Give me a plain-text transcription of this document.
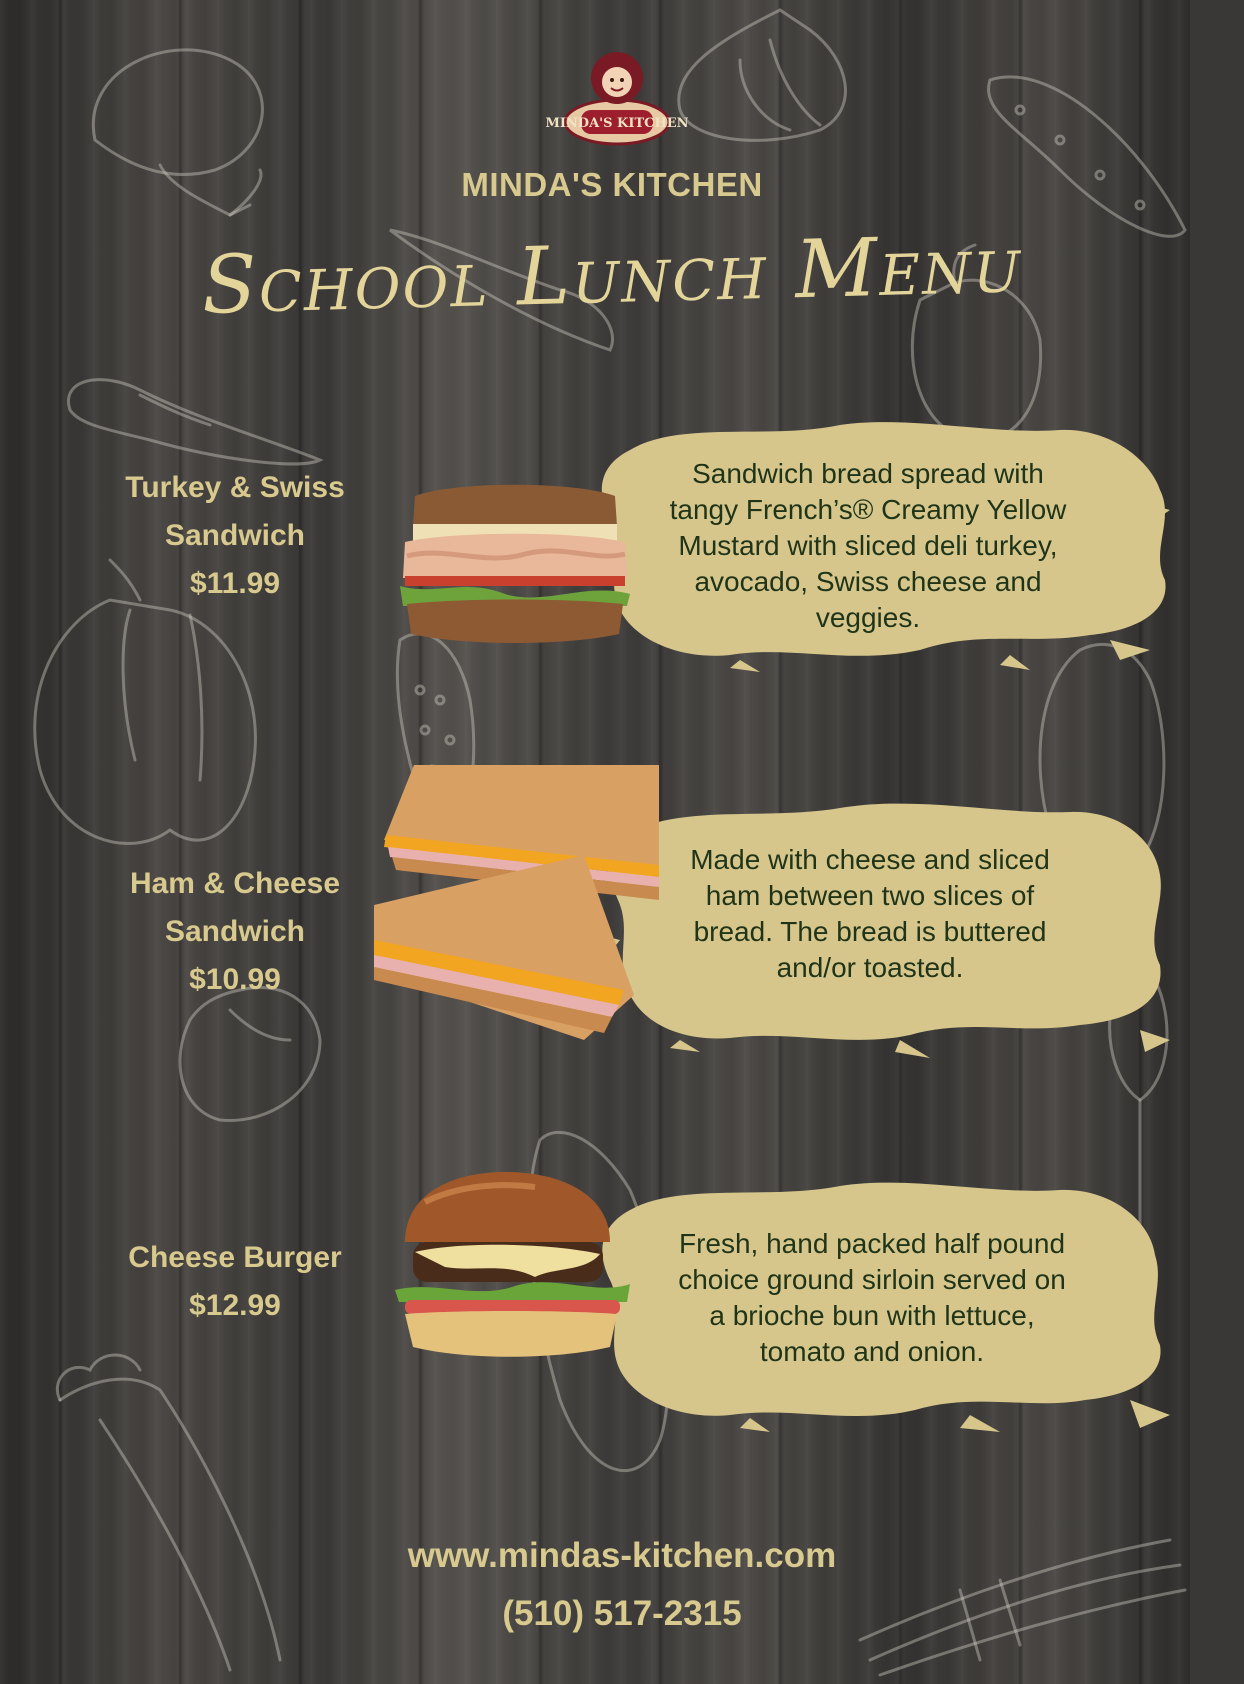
MINDA'S KITCHEN
MINDA'S KITCHEN
School Lunch Menu
Turkey & Swiss
Sandwich
$11.99
Sandwich bread spread with tangy French’s® Creamy Yellow Mustard with sliced deli turkey, avocado, Swiss cheese and veggies.
Ham & Cheese
Sandwich
$10.99
Made with cheese and sliced ham between two slices of bread. The bread is buttered and/or toasted.
Cheese Burger
$12.99
Fresh, hand packed half pound choice ground sirloin served on a brioche bun with lettuce, tomato and onion.
www.mindas-kitchen.com
(510) 517-2315
